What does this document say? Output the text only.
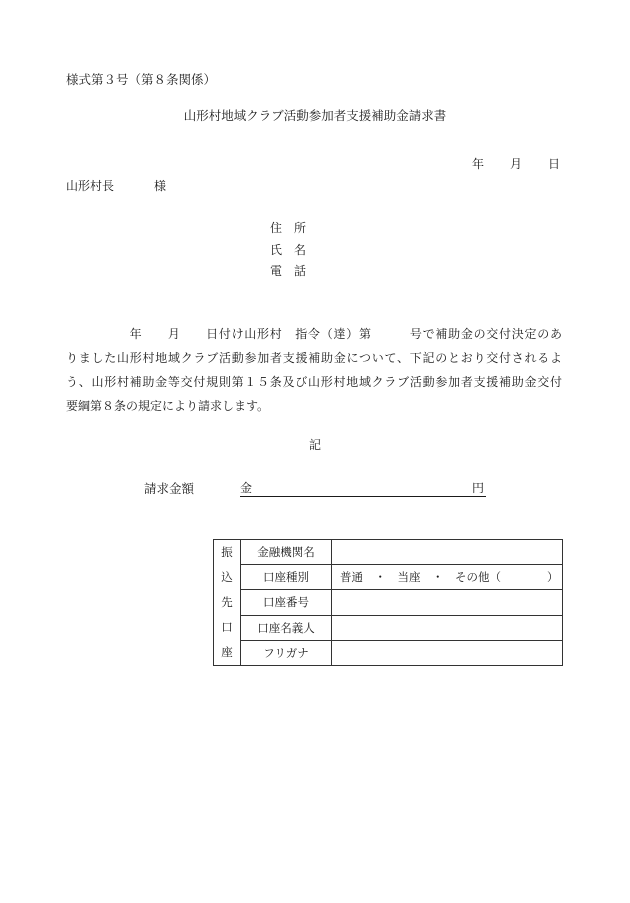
様式第３号（第８条関係）
山形村地域クラブ活動参加者支援補助金請求書
年 月 日
山形村長	様
住 所
氏 名
電 話
　　　　　年　　月　　日付け山形村　指令（達）第　　　号で補助金の交付決定のあ
りました山形村地域クラブ活動参加者支援補助金について、下記のとおり交付されるよ
う、山形村補助金等交付規則第１５条及び山形村地域クラブ活動参加者支援補助金交付
要綱第８条の規定により請求します。
記
請求金額	金	円
振
込
先
口
座	金融機関名	
	口座種別	普通　・　当座　・　その他（　　　　）
	口座番号	
	口座名義人	
	フリガナ	
